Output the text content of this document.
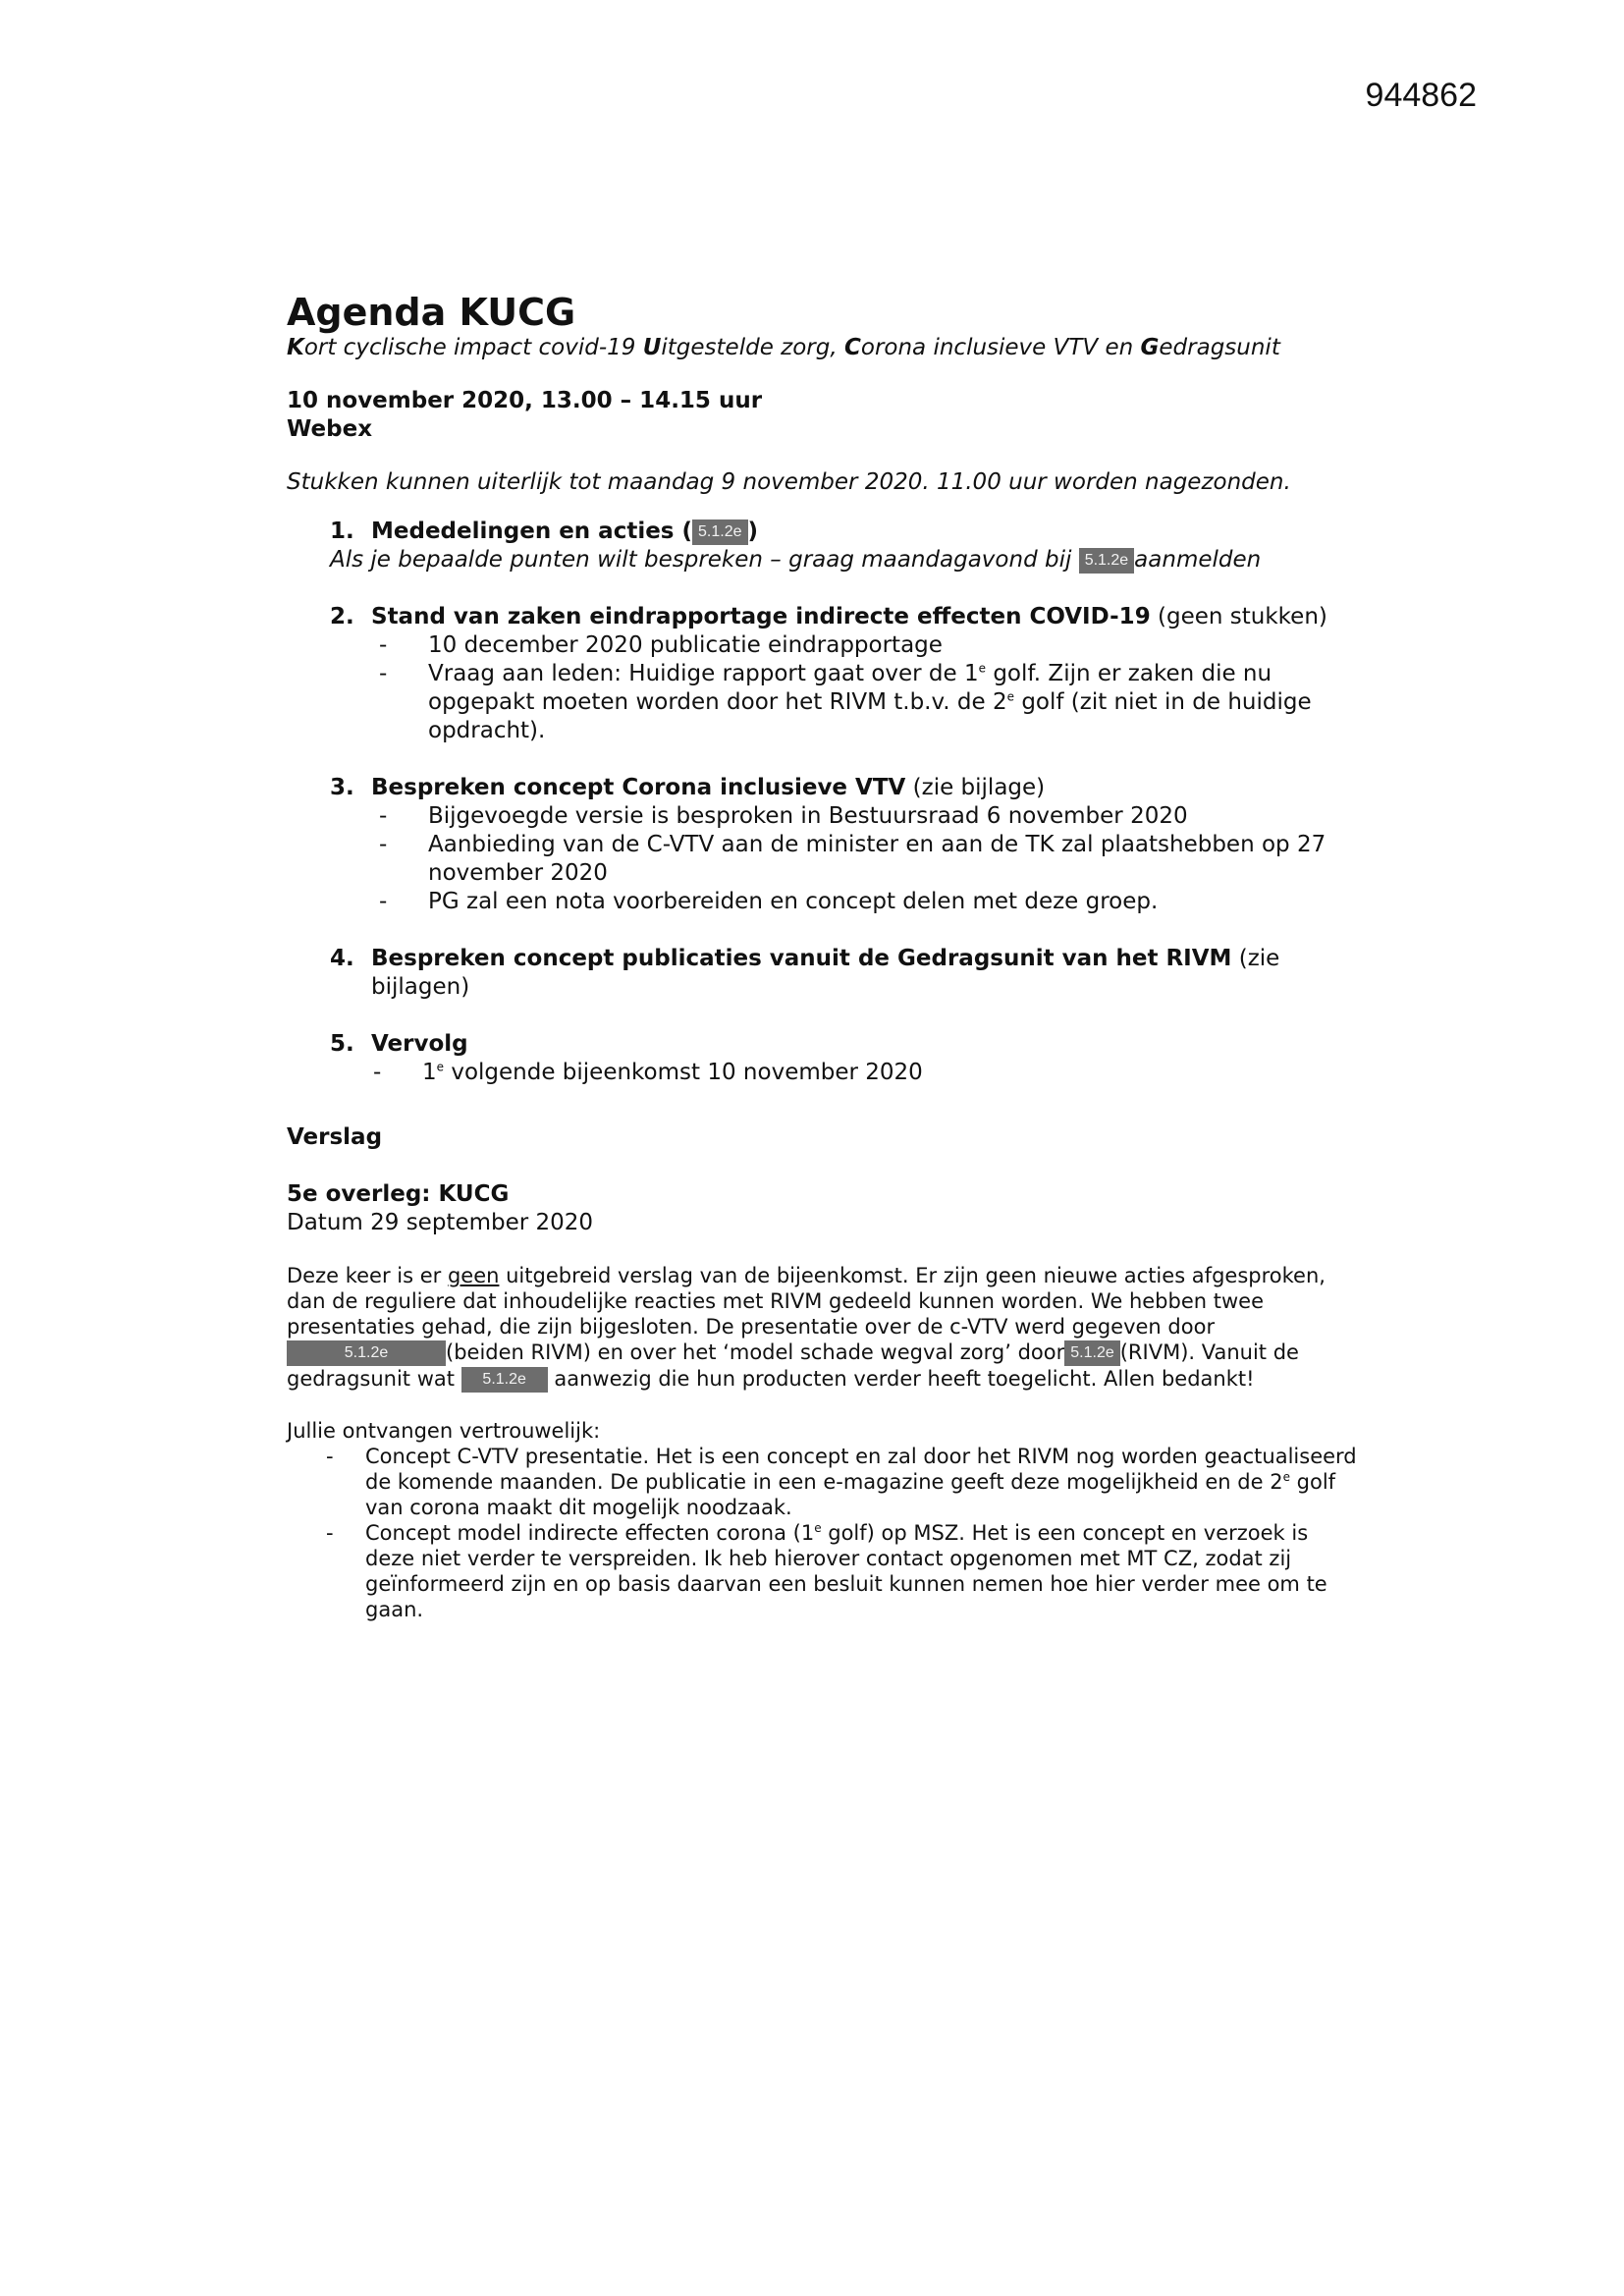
944862
Agenda KUCG
Kort cyclische impact covid-19 Uitgestelde zorg, Corona inclusieve VTV en Gedragsunit
10 november 2020, 13.00 – 14.15 uur
Webex
Stukken kunnen uiterlijk tot maandag 9 november 2020. 11.00 uur worden nagezonden.
1. Mededelingen en acties ( 5.1.2e )
Als je bepaalde punten wilt bespreken – graag maandagavond bij 5.1.2e aanmelden
2. Stand van zaken eindrapportage indirecte effecten COVID-19 (geen stukken)
- 10 december 2020 publicatie eindrapportage
- Vraag aan leden: Huidige rapport gaat over de 1e golf. Zijn er zaken die nu opgepakt moeten worden door het RIVM t.b.v. de 2e golf (zit niet in de huidige opdracht).
3. Bespreken concept Corona inclusieve VTV (zie bijlage)
- Bijgevoegde versie is besproken in Bestuursraad 6 november 2020
- Aanbieding van de C-VTV aan de minister en aan de TK zal plaatshebben op 27 november 2020
- PG zal een nota voorbereiden en concept delen met deze groep.
4. Bespreken concept publicaties vanuit de Gedragsunit van het RIVM (zie bijlagen)
5. Vervolg
- 1e volgende bijeenkomst 10 november 2020
Verslag
5e overleg: KUCG
Datum 29 september 2020

Deze keer is er geen uitgebreid verslag van de bijeenkomst. Er zijn geen nieuwe acties afgesproken, dan de reguliere dat inhoudelijke reacties met RIVM gedeeld kunnen worden. We hebben twee presentaties gehad, die zijn bijgesloten. De presentatie over de c-VTV werd gegeven door 5.1.2e	(beiden RIVM) en over het ‘model schade wegval zorg’ door 5.1.2e (RIVM). Vanuit de gedragsunit wat 5.1.2e aanwezig die hun producten verder heeft toegelicht. Allen bedankt!

Jullie ontvangen vertrouwelijk:

- Concept C-VTV presentatie. Het is een concept en zal door het RIVM nog worden geactualiseerd de komende maanden. De publicatie in een e-magazine geeft deze mogelijkheid en de 2e golf van corona maakt dit mogelijk noodzaak.
- Concept model indirecte effecten corona (1e golf) op MSZ. Het is een concept en verzoek is deze niet verder te verspreiden. Ik heb hierover contact opgenomen met MT CZ, zodat zij geïnformeerd zijn en op basis daarvan een besluit kunnen nemen hoe hier verder mee om te gaan.
